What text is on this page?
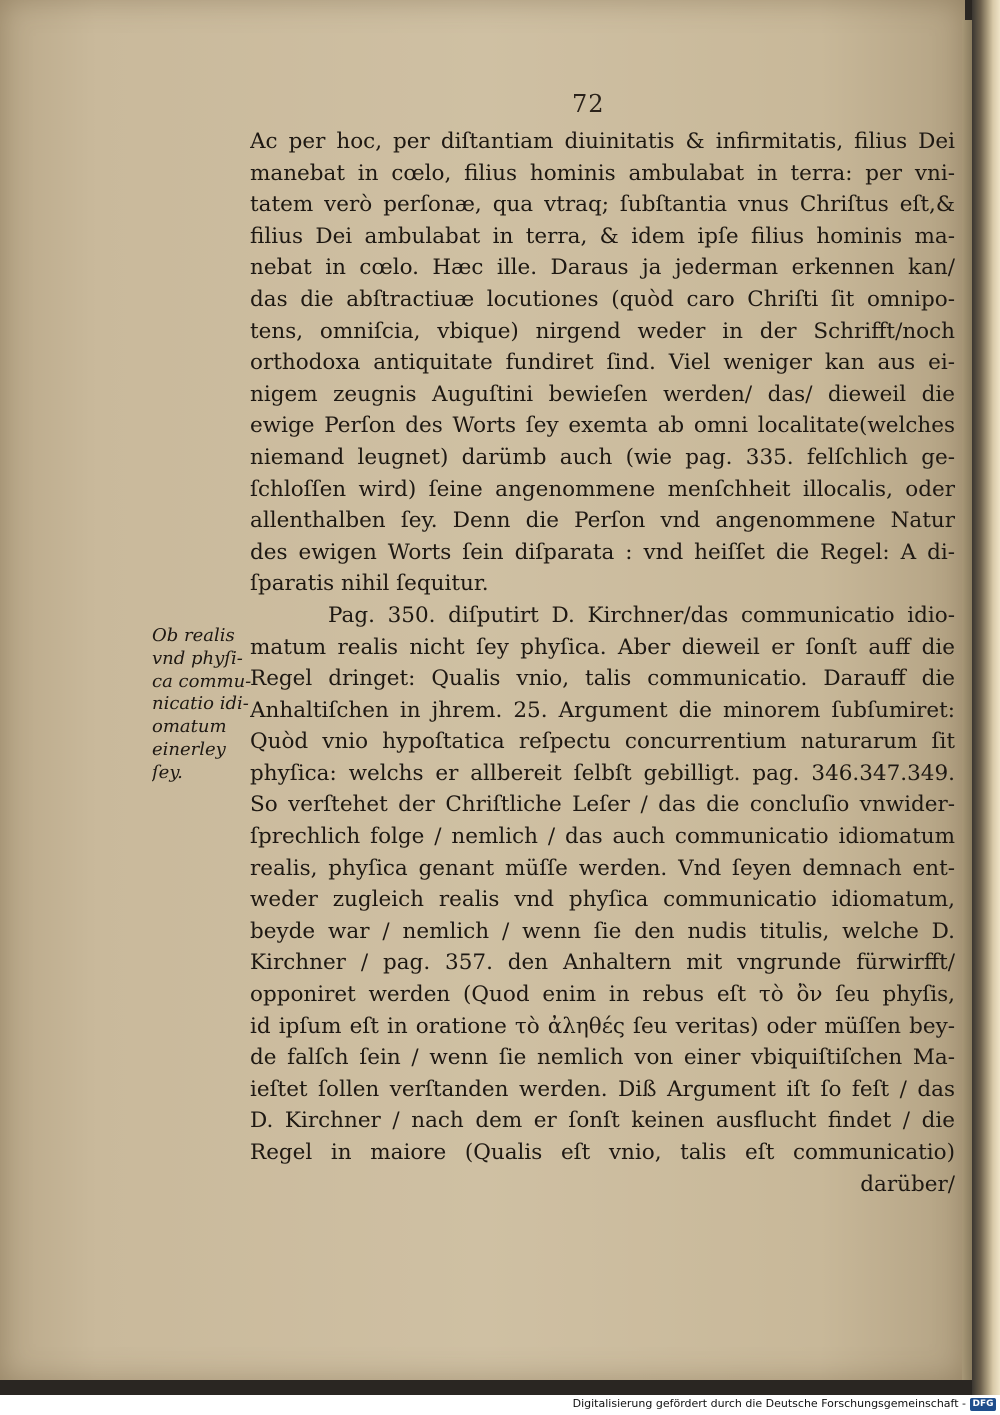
72
Ac per hoc, per diſtantiam diuinitatis & infirmitatis, filius Dei
manebat in cœlo, filius hominis ambulabat in terra: per vni-
tatem verò perſonæ, qua vtraq; ſubſtantia vnus Chriſtus eſt,&
filius Dei ambulabat in terra, & idem ipſe filius hominis ma-
nebat in cœlo. Hæc ille. Daraus ja jederman erkennen kan/
das die abſtractiuæ locutiones (quòd caro Chriſti ſit omnipo-
tens, omniſcia, vbique) nirgend weder in der Schrifft/noch
orthodoxa antiquitate fundiret ſind. Viel weniger kan aus ei-
nigem zeugnis Auguſtini bewieſen werden/ das/ dieweil die
ewige Perſon des Worts ſey exemta ab omni localitate(welches
niemand leugnet) darümb auch (wie pag. 335. felſchlich ge-
ſchloſſen wird) ſeine angenommene menſchheit illocalis, oder
allenthalben ſey. Denn die Perſon vnd angenommene Natur
des ewigen Worts ſein diſparata : vnd heiſſet die Regel: A di-
ſparatis nihil ſequitur.
Pag. 350. diſputirt D. Kirchner/das communicatio idio-
matum realis nicht ſey phyſica. Aber dieweil er ſonſt auff die
Regel dringet: Qualis vnio, talis communicatio. Darauff die
Anhaltiſchen in jhrem. 25. Argument die minorem ſubſumiret:
Quòd vnio hypoſtatica reſpectu concurrentium naturarum ſit
phyſica: welchs er allbereit ſelbſt gebilligt. pag. 346.347.349.
So verſtehet der Chriſtliche Leſer / das die concluſio vnwider-
ſprechlich folge / nemlich / das auch communicatio idiomatum
realis, phyſica genant müſſe werden. Vnd ſeyen demnach ent-
weder zugleich realis vnd phyſica communicatio idiomatum,
beyde war / nemlich / wenn ſie den nudis titulis, welche D.
Kirchner / pag. 357. den Anhaltern mit vngrunde fürwirfft/
opponiret werden (Quod enim in rebus eſt τὸ ὂν ſeu phyſis,
id ipſum eſt in oratione τὸ ἀληθές ſeu veritas) oder müſſen bey-
de falſch ſein / wenn ſie nemlich von einer vbiquiſtiſchen Ma-
ieſtet ſollen verſtanden werden. Diß Argument iſt ſo feſt / das
D. Kirchner / nach dem er ſonſt keinen ausflucht findet / die
Regel in maiore (Qualis eſt vnio, talis eſt communicatio)
darüber/
Ob realis
vnd phyſi-
ca commu-
nicatio idi-
omatum
einerley
ſey.
Digitalisierung gefördert durch die Deutsche Forschungsgemeinschaft - DFG
